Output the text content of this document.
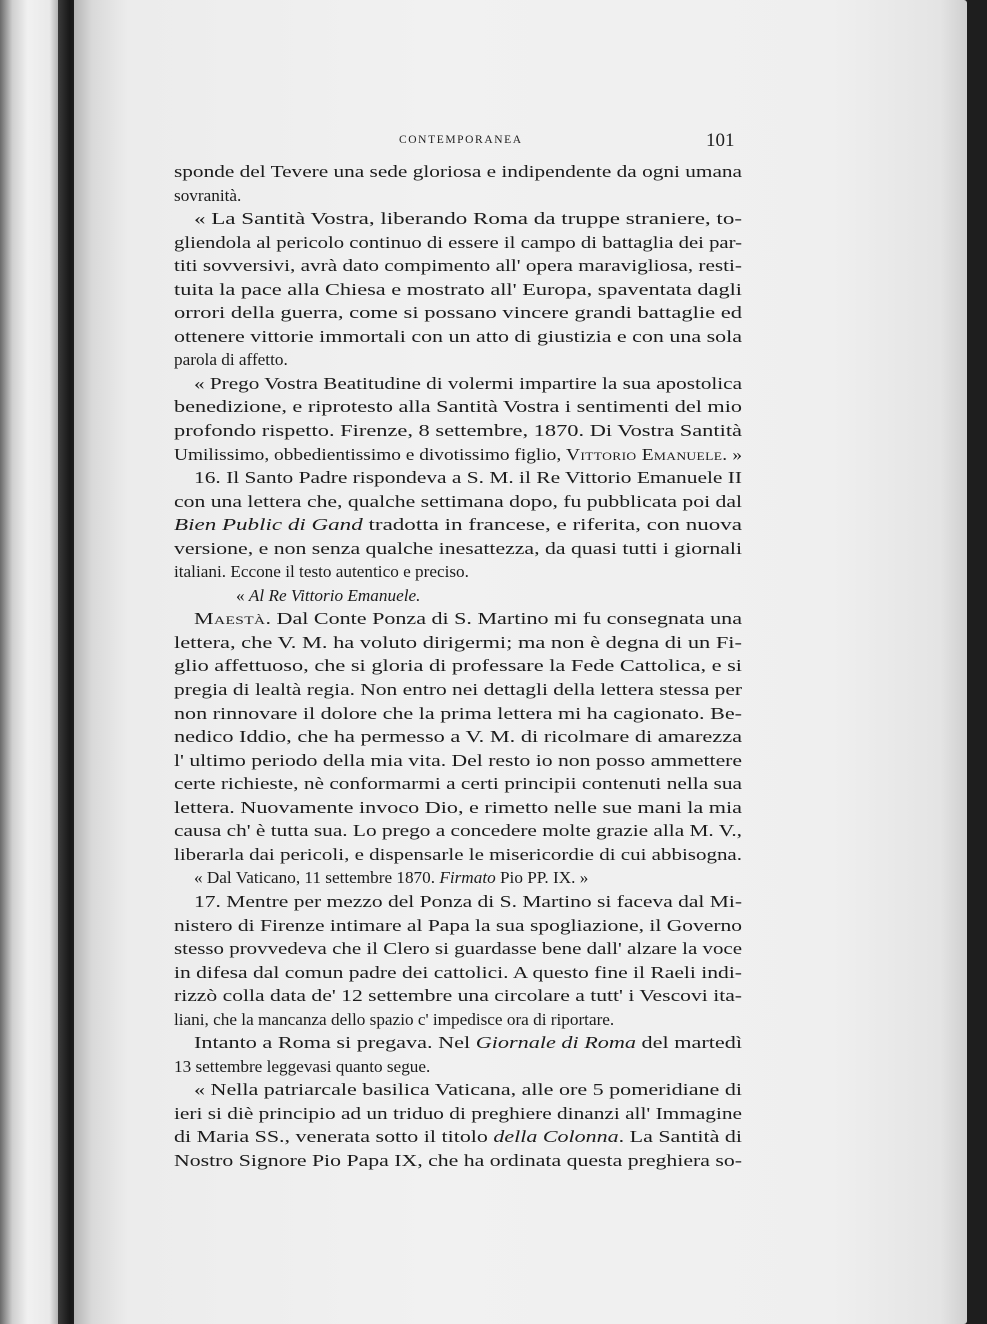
CONTEMPORANEA	101
sponde del Tevere una sede gloriosa e indipendente da ogni umana
sovranità.
« La Santità Vostra, liberando Roma da truppe straniere, to-
gliendola al pericolo continuo di essere il campo di battaglia dei par-
titi sovversivi, avrà dato compimento all' opera maravigliosa, resti-
tuita la pace alla Chiesa e mostrato all' Europa, spaventata dagli
orrori della guerra, come si possano vincere grandi battaglie ed
ottenere vittorie immortali con un atto di giustizia e con una sola
parola di affetto.
« Prego Vostra Beatitudine di volermi impartire la sua apostolica
benedizione, e riprotesto alla Santità Vostra i sentimenti del mio
profondo rispetto. Firenze, 8 settembre, 1870. Di Vostra Santità
Umilissimo, obbedientissimo e divotissimo figlio, Vittorio Emanuele. »
16. Il Santo Padre rispondeva a S. M. il Re Vittorio Emanuele II
con una lettera che, qualche settimana dopo, fu pubblicata poi dal
Bien Public di Gand tradotta in francese, e riferita, con nuova
versione, e non senza qualche inesattezza, da quasi tutti i giornali
italiani. Eccone il testo autentico e preciso.
« Al Re Vittorio Emanuele.
Maestà. Dal Conte Ponza di S. Martino mi fu consegnata una
lettera, che V. M. ha voluto dirigermi; ma non è degna di un Fi-
glio affettuoso, che si gloria di professare la Fede Cattolica, e si
pregia di lealtà regia. Non entro nei dettagli della lettera stessa per
non rinnovare il dolore che la prima lettera mi ha cagionato. Be-
nedico Iddio, che ha permesso a V. M. di ricolmare di amarezza
l' ultimo periodo della mia vita. Del resto io non posso ammettere
certe richieste, nè conformarmi a certi principii contenuti nella sua
lettera. Nuovamente invoco Dio, e rimetto nelle sue mani la mia
causa ch' è tutta sua. Lo prego a concedere molte grazie alla M. V.,
liberarla dai pericoli, e dispensarle le misericordie di cui abbisogna.
« Dal Vaticano, 11 settembre 1870. Firmato Pio PP. IX. »
17. Mentre per mezzo del Ponza di S. Martino si faceva dal Mi-
nistero di Firenze intimare al Papa la sua spogliazione, il Governo
stesso provvedeva che il Clero si guardasse bene dall' alzare la voce
in difesa dal comun padre dei cattolici. A questo fine il Raeli indi-
rizzò colla data de' 12 settembre una circolare a tutt' i Vescovi ita-
liani, che la mancanza dello spazio c' impedisce ora di riportare.
Intanto a Roma si pregava. Nel Giornale di Roma del martedì
13 settembre leggevasi quanto segue.
« Nella patriarcale basilica Vaticana, alle ore 5 pomeridiane di
ieri si diè principio ad un triduo di preghiere dinanzi all' Immagine
di Maria SS., venerata sotto il titolo della Colonna. La Santità di
Nostro Signore Pio Papa IX, che ha ordinata questa preghiera so-
